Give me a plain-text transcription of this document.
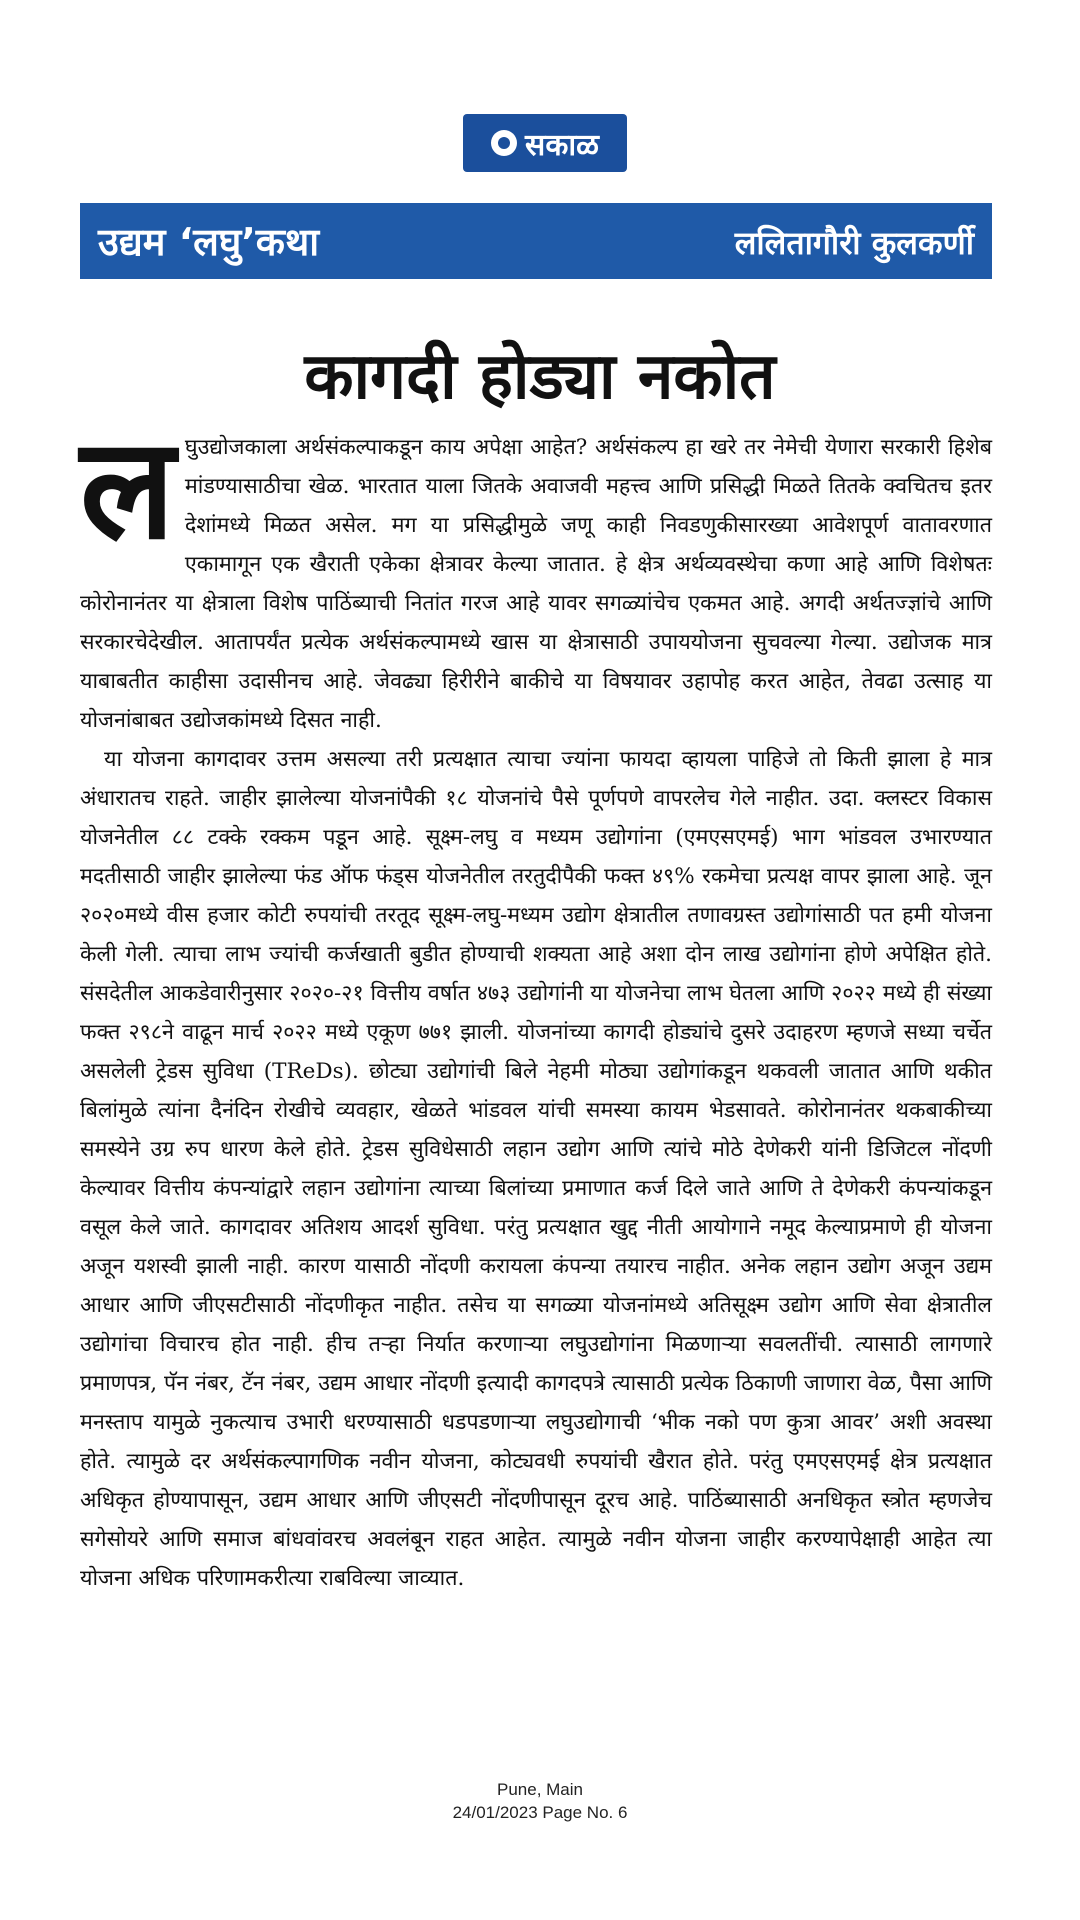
सकाळ
उद्यम ‘लघु’कथा	ललितागौरी कुलकर्णी
कागदी होड्या नकोत

लघुउद्योजकाला अर्थसंकल्पाकडून काय अपेक्षा आहेत? अर्थसंकल्प हा खरे तर नेमेची येणारा सरकारी हिशेब मांडण्यासाठीचा खेळ. भारतात याला जितके अवाजवी महत्त्व आणि प्रसिद्धी मिळते तितके क्वचितच इतर देशांमध्ये मिळत असेल. मग या प्रसिद्धीमुळे जणू काही निवडणुकीसारख्या आवेशपूर्ण वातावरणात एकामागून एक खैराती एकेका क्षेत्रावर केल्या जातात. हे क्षेत्र अर्थव्यवस्थेचा कणा आहे आणि विशेषतः कोरोनानंतर या क्षेत्राला विशेष पाठिंब्याची नितांत गरज आहे यावर सगळ्यांचेच एकमत आहे. अगदी अर्थतज्ज्ञांचे आणि सरकारचेदेखील. आतापर्यंत प्रत्येक अर्थसंकल्पामध्ये खास या क्षेत्रासाठी उपाययोजना सुचवल्या गेल्या. उद्योजक मात्र याबाबतीत काहीसा उदासीनच आहे. जेवढ्या हिरीरीने बाकीचे या विषयावर उहापोह करत आहेत, तेवढा उत्साह या योजनांबाबत उद्योजकांमध्ये दिसत नाही.

या योजना कागदावर उत्तम असल्या तरी प्रत्यक्षात त्याचा ज्यांना फायदा व्हायला पाहिजे तो किती झाला हे मात्र अंधारातच राहते. जाहीर झालेल्या योजनांपैकी १८ योजनांचे पैसे पूर्णपणे वापरलेच गेले नाहीत. उदा. क्लस्टर विकास योजनेतील ८८ टक्के रक्कम पडून आहे. सूक्ष्म-लघु व मध्यम उद्योगांना (एमएसएमई) भाग भांडवल उभारण्यात मदतीसाठी जाहीर झालेल्या फंड ऑफ फंड्स योजनेतील तरतुदीपैकी फक्त ४९% रकमेचा प्रत्यक्ष वापर झाला आहे. जून २०२०मध्ये वीस हजार कोटी रुपयांची तरतूद सूक्ष्म-लघु-मध्यम उद्योग क्षेत्रातील तणावग्रस्त उद्योगांसाठी पत हमी योजना केली गेली. त्याचा लाभ ज्यांची कर्जखाती बुडीत होण्याची शक्यता आहे अशा दोन लाख उद्योगांना होणे अपेक्षित होते. संसदेतील आकडेवारीनुसार २०२०-२१ वित्तीय वर्षात ४७३ उद्योगांनी या योजनेचा लाभ घेतला आणि २०२२ मध्ये ही संख्या फक्त २९८ने वाढून मार्च २०२२ मध्ये एकूण ७७१ झाली. योजनांच्या कागदी होड्यांचे दुसरे उदाहरण म्हणजे सध्या चर्चेत असलेली ट्रेडस सुविधा (TReDs). छोट्या उद्योगांची बिले नेहमी मोठ्या उद्योगांकडून थकवली जातात आणि थकीत बिलांमुळे त्यांना दैनंदिन रोखीचे व्यवहार, खेळते भांडवल यांची समस्या कायम भेडसावते. कोरोनानंतर थकबाकीच्या समस्येने उग्र रुप धारण केले होते. ट्रेडस सुविधेसाठी लहान उद्योग आणि त्यांचे मोठे देणेकरी यांनी डिजिटल नोंदणी केल्यावर वित्तीय कंपन्यांद्वारे लहान उद्योगांना त्याच्या बिलांच्या प्रमाणात कर्ज दिले जाते आणि ते देणेकरी कंपन्यांकडून वसूल केले जाते. कागदावर अतिशय आदर्श सुविधा. परंतु प्रत्यक्षात खुद्द नीती आयोगाने नमूद केल्याप्रमाणे ही योजना अजून यशस्वी झाली नाही. कारण यासाठी नोंदणी करायला कंपन्या तयारच नाहीत. अनेक लहान उद्योग अजून उद्यम आधार आणि जीएसटीसाठी नोंदणीकृत नाहीत. तसेच या सगळ्या योजनांमध्ये अतिसूक्ष्म उद्योग आणि सेवा क्षेत्रातील उद्योगांचा विचारच होत नाही. हीच तऱ्हा निर्यात करणाऱ्या लघुउद्योगांना मिळणाऱ्या सवलतींची. त्यासाठी लागणारे प्रमाणपत्र, पॅन नंबर, टॅन नंबर, उद्यम आधार नोंदणी इत्यादी कागदपत्रे त्यासाठी प्रत्येक ठिकाणी जाणारा वेळ, पैसा आणि मनस्ताप यामुळे नुकत्याच उभारी धरण्यासाठी धडपडणाऱ्या लघुउद्योगाची ‘भीक नको पण कुत्रा आवर’ अशी अवस्था होते. त्यामुळे दर अर्थसंकल्पागणिक नवीन योजना, कोट्यवधी रुपयांची खैरात होते. परंतु एमएसएमई क्षेत्र प्रत्यक्षात अधिकृत होण्यापासून, उद्यम आधार आणि जीएसटी नोंदणीपासून दूरच आहे. पाठिंब्यासाठी अनधिकृत स्त्रोत म्हणजेच सगेसोयरे आणि समाज बांधवांवरच अवलंबून राहत आहेत. त्यामुळे नवीन योजना जाहीर करण्यापेक्षाही आहेत त्या योजना अधिक परिणामकरीत्या राबविल्या जाव्यात.

Pune, Main
24/01/2023 Page No. 6
